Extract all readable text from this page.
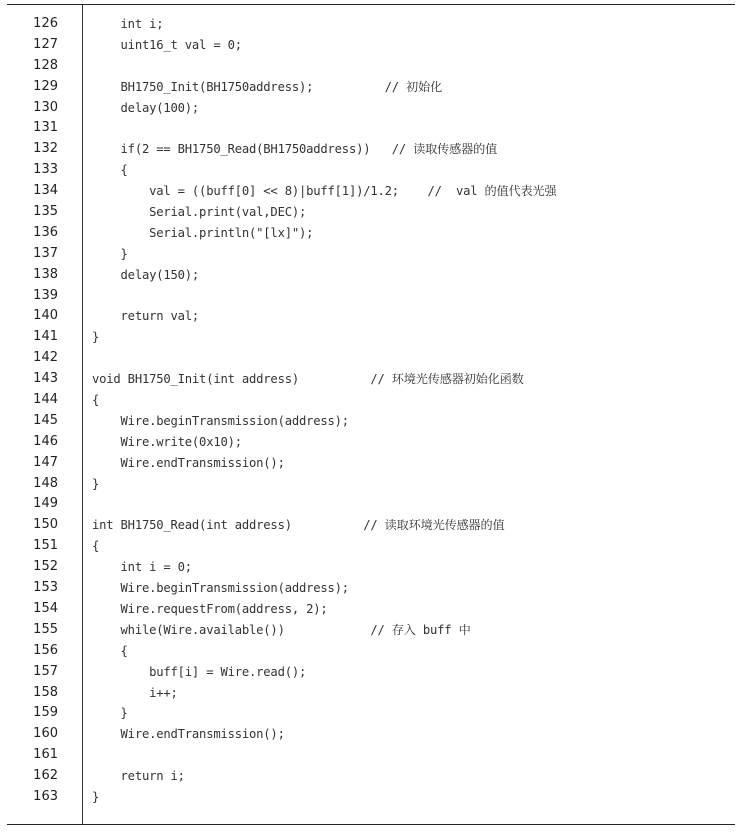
126	int i;
127	uint16_t val = 0;
128
129	BH1750_Init(BH1750address);          // 初始化
130	delay(100);
131
132	if(2 == BH1750_Read(BH1750address))   // 读取传感器的值
133	{
134	val = ((buff[0] << 8)|buff[1])/1.2;    //  val 的值代表光强
135	Serial.print(val,DEC);
136	Serial.println("[lx]");
137	}
138	delay(150);
139
140	return val;
141	}
142
143	void BH1750_Init(int address)          // 环境光传感器初始化函数
144	{
145	Wire.beginTransmission(address);
146	Wire.write(0x10);
147	Wire.endTransmission();
148	}
149
150	int BH1750_Read(int address)          // 读取环境光传感器的值
151	{
152	int i = 0;
153	Wire.beginTransmission(address);
154	Wire.requestFrom(address, 2);
155	while(Wire.available())            // 存入 buff 中
156	{
157	buff[i] = Wire.read();
158	i++;
159	}
160	Wire.endTransmission();
161
162	return i;
163	}
